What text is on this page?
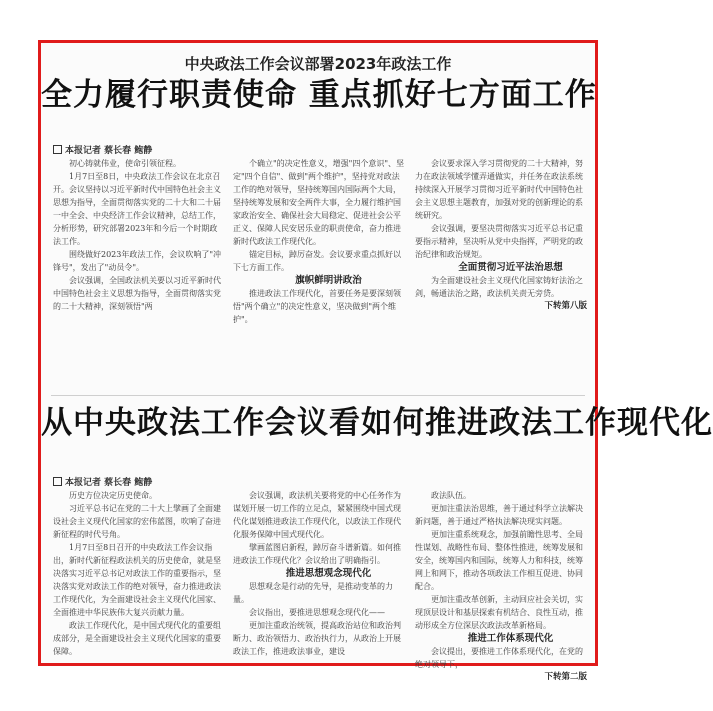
中央政法工作会议部署2023年政法工作
全力履行职责使命 重点抓好七方面工作
本报记者 蔡长春 鲍静

初心铸就伟业，使命引领征程。

1月7日至8日，中央政法工作会议在北京召开。会议坚持以习近平新时代中国特色社会主义思想为指导，全面贯彻落实党的二十大和二十届一中全会、中央经济工作会议精神，总结工作，分析形势，研究部署2023年和今后一个时期政法工作。

围绕做好2023年政法工作，会议吹响了"冲锋号"，发出了"动员令"。

会议强调，全国政法机关要以习近平新时代中国特色社会主义思想为指导，全面贯彻落实党的二十大精神，深刻领悟"两

个确立"的决定性意义，增强"四个意识"、坚定"四个自信"、做到"两个维护"，坚持党对政法工作的绝对领导，坚持统筹国内国际两个大局，坚持统筹发展和安全两件大事，全力履行维护国家政治安全、确保社会大局稳定、促进社会公平正义、保障人民安居乐业的职责使命，奋力推进新时代政法工作现代化。

锚定目标，踔厉奋发。会议要求重点抓好以下七方面工作。

旗帜鲜明讲政治

推进政法工作现代化，首要任务是要深刻领悟"两个确立"的决定性意义，坚决做到"两个维护"。

会议要求深入学习贯彻党的二十大精神，努力在政法领域学懂弄通做实，并任务在政法系统持续深入开展学习贯彻习近平新时代中国特色社会主义思想主题教育，加强对党的创新理论的系统研究。

会议强调，要坚决贯彻落实习近平总书记重要指示精神，坚决听从党中央指挥，严明党的政治纪律和政治规矩。

全面贯彻习近平法治思想

为全面建设社会主义现代化国家铸好法治之剑，畅通法治之路，政法机关责无旁贷。

下转第八版

从中央政法工作会议看如何推进政法工作现代化
本报记者 蔡长春 鲍静

历史方位决定历史使命。

习近平总书记在党的二十大上擘画了全面建设社会主义现代化国家的宏伟蓝图，吹响了奋进新征程的时代号角。

1月7日至8日召开的中央政法工作会议指出，新时代新征程政法机关的历史使命，就是坚决落实习近平总书记对政法工作的重要指示，坚决落实党对政法工作的绝对领导，奋力推进政法工作现代化，为全面建设社会主义现代化国家、全面推进中华民族伟大复兴贡献力量。

政法工作现代化，是中国式现代化的重要组成部分，是全面建设社会主义现代化国家的重要保障。

会议强调，政法机关要将党的中心任务作为谋划开展一切工作的立足点，紧紧围绕中国式现代化谋划推进政法工作现代化，以政法工作现代化服务保障中国式现代化。

擘画蓝图启新程，踔厉奋斗谱新篇。如何推进政法工作现代化？会议给出了明确指引。

推进思想观念现代化

思想观念是行动的先导，是推动变革的力量。

会议指出，要推进思想观念现代化——

更加注重政治统领，提高政治站位和政治判断力、政治领悟力、政治执行力，从政治上开展政法工作，推进政法事业，建设

政法队伍。

更加注重法治思维，善于通过科学立法解决新问题，善于通过严格执法解决现实问题。

更加注重系统观念，加强前瞻性思考、全局性谋划、战略性布局、整体性推进，统筹发展和安全，统筹国内和国际，统筹人力和科技，统筹网上和网下，推动各项政法工作相互促进、协同配合。

更加注重改革创新，主动回应社会关切，实现顶层设计和基层探索有机结合、良性互动，推动形成全方位深层次政法改革新格局。

推进工作体系现代化

会议提出，要推进工作体系现代化，在党的绝对领导下，

下转第二版
